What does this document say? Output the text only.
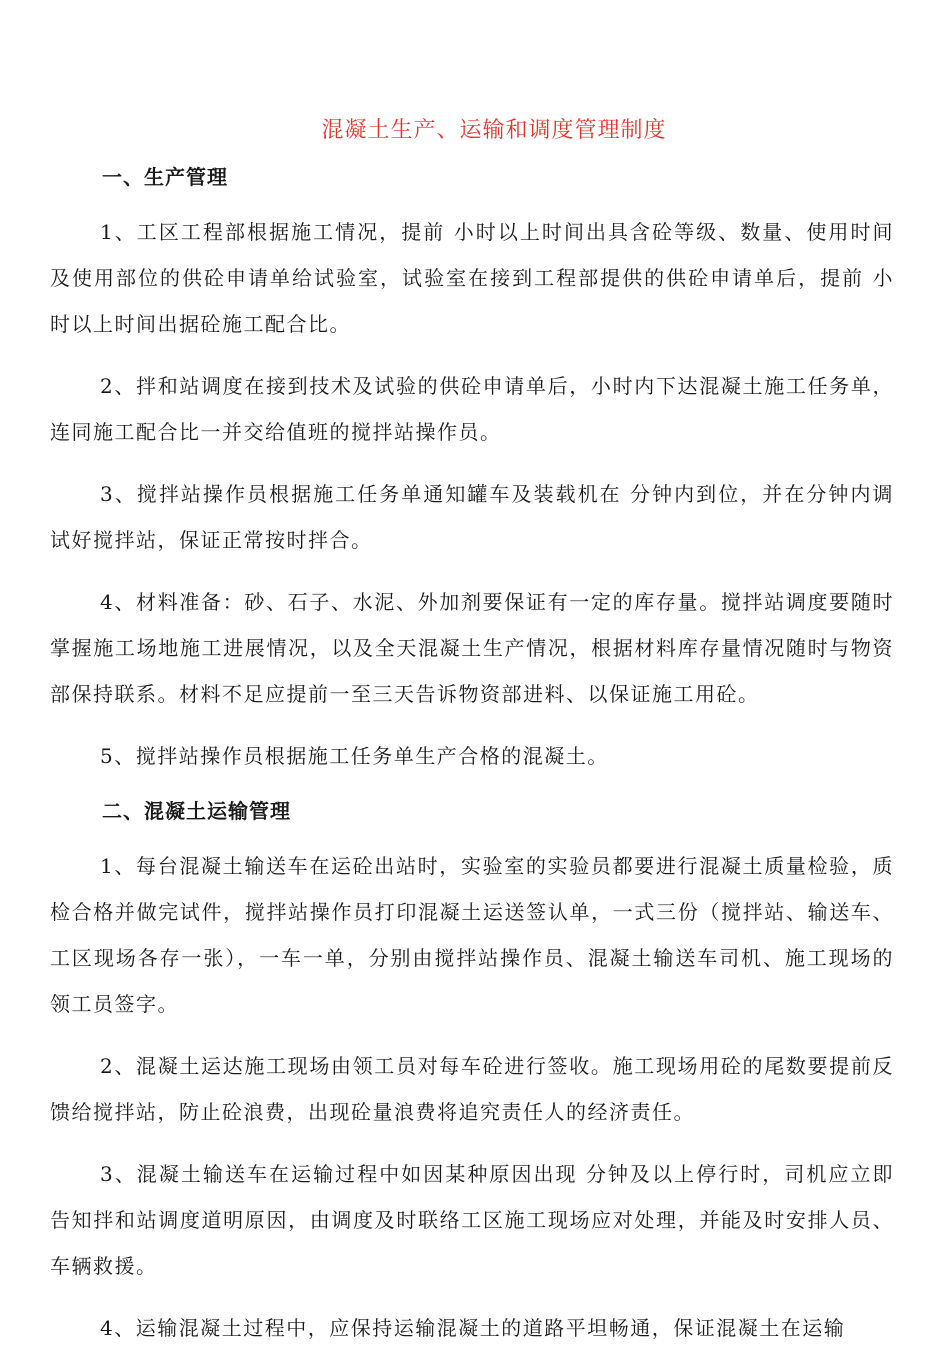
混凝土生产、运输和调度管理制度
一、生产管理

1、工区工程部根据施工情况，提前 小时以上时间出具含砼等级、数量、使用时间及使用部位的供砼申请单给试验室，试验室在接到工程部提供的供砼申请单后，提前 小时以上时间出据砼施工配合比。

2、拌和站调度在接到技术及试验的供砼申请单后，小时内下达混凝土施工任务单，连同施工配合比一并交给值班的搅拌站操作员。

3、搅拌站操作员根据施工任务单通知罐车及装载机在 分钟内到位，并在分钟内调试好搅拌站，保证正常按时拌合。

4、材料准备：砂、石子、水泥、外加剂要保证有一定的库存量。搅拌站调度要随时掌握施工场地施工进展情况，以及全天混凝土生产情况，根据材料库存量情况随时与物资部保持联系。材料不足应提前一至三天告诉物资部进料、以保证施工用砼。

5、搅拌站操作员根据施工任务单生产合格的混凝土。

二、混凝土运输管理

1、每台混凝土输送车在运砼出站时，实验室的实验员都要进行混凝土质量检验，质检合格并做完试件，搅拌站操作员打印混凝土运送签认单，一式三份（搅拌站、输送车、工区现场各存一张），一车一单，分别由搅拌站操作员、混凝土输送车司机、施工现场的领工员签字。

2、混凝土运达施工现场由领工员对每车砼进行签收。施工现场用砼的尾数要提前反馈给搅拌站，防止砼浪费，出现砼量浪费将追究责任人的经济责任。

3、混凝土输送车在运输过程中如因某种原因出现 分钟及以上停行时，司机应立即告知拌和站调度道明原因，由调度及时联络工区施工现场应对处理，并能及时安排人员、车辆救援。

4、运输混凝土过程中，应保持运输混凝土的道路平坦畅通，保证混凝土在运输
